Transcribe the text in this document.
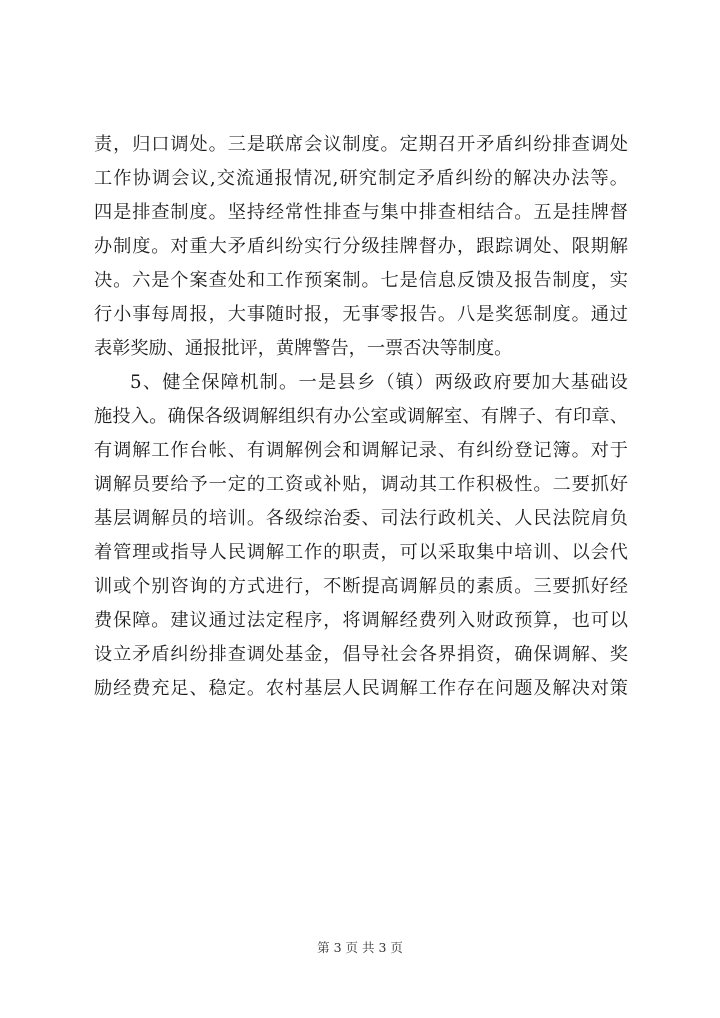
责，归口调处。三是联席会议制度。定期召开矛盾纠纷排查调处
工作协调会议,交流通报情况,研究制定矛盾纠纷的解决办法等。
四是排查制度。坚持经常性排查与集中排查相结合。五是挂牌督
办制度。对重大矛盾纠纷实行分级挂牌督办，跟踪调处、限期解
决。六是个案查处和工作预案制。七是信息反馈及报告制度，实
行小事每周报，大事随时报，无事零报告。八是奖惩制度。通过
表彰奖励、通报批评，黄牌警告，一票否决等制度。
5、健全保障机制。一是县乡（镇）两级政府要加大基础设
施投入。确保各级调解组织有办公室或调解室、有牌子、有印章、
有调解工作台帐、有调解例会和调解记录、有纠纷登记簿。对于
调解员要给予一定的工资或补贴，调动其工作积极性。二要抓好
基层调解员的培训。各级综治委、司法行政机关、人民法院肩负
着管理或指导人民调解工作的职责，可以采取集中培训、以会代
训或个别咨询的方式进行，不断提高调解员的素质。三要抓好经
费保障。建议通过法定程序，将调解经费列入财政预算，也可以
设立矛盾纠纷排查调处基金，倡导社会各界捐资，确保调解、奖
励经费充足、稳定。农村基层人民调解工作存在问题及解决对策
第 3 页 共 3 页
